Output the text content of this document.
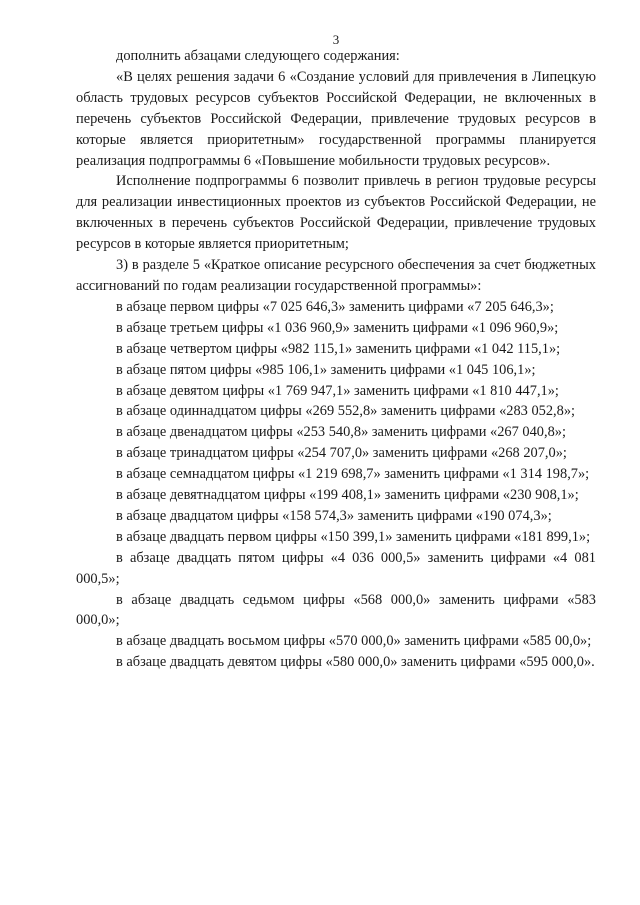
3

дополнить абзацами следующего содержания:

«В целях решения задачи 6 «Создание условий для привлечения в Липецкую область трудовых ресурсов субъектов Российской Федерации, не включенных в перечень субъектов Российской Федерации, привлечение трудовых ресурсов в которые является приоритетным» государственной программы планируется реализация подпрограммы 6 «Повышение мобильности трудовых ресурсов».

Исполнение подпрограммы 6 позволит привлечь в регион трудовые ресурсы для реализации инвестиционных проектов из субъектов Российской Федерации, не включенных в перечень субъектов Российской Федерации, привлечение трудовых ресурсов в которые является приоритетным;

3) в разделе 5 «Краткое описание ресурсного обеспечения за счет бюджетных ассигнований по годам реализации государственной программы»:

в абзаце первом цифры «7 025 646,3» заменить цифрами «7 205 646,3»;

в абзаце третьем цифры «1 036 960,9» заменить цифрами «1 096 960,9»;

в абзаце четвертом цифры «982 115,1» заменить цифрами «1 042 115,1»;

в абзаце пятом цифры «985 106,1» заменить цифрами «1 045 106,1»;

в абзаце девятом цифры «1 769 947,1» заменить цифрами «1 810 447,1»;

в абзаце одиннадцатом цифры «269 552,8» заменить цифрами «283 052,8»;

в абзаце двенадцатом цифры «253 540,8» заменить цифрами «267 040,8»;

в абзаце тринадцатом цифры «254 707,0» заменить цифрами «268 207,0»;

в абзаце семнадцатом цифры «1 219 698,7» заменить цифрами «1 314 198,7»;

в абзаце девятнадцатом цифры «199 408,1» заменить цифрами «230 908,1»;

в абзаце двадцатом цифры «158 574,3» заменить цифрами «190 074,3»;

в абзаце двадцать первом цифры «150 399,1» заменить цифрами «181 899,1»;

в абзаце двадцать пятом цифры «4 036 000,5» заменить цифрами «4 081 000,5»;

в абзаце двадцать седьмом цифры «568 000,0» заменить цифрами «583 000,0»;

в абзаце двадцать восьмом цифры «570 000,0» заменить цифрами «585 00,0»;

в абзаце двадцать девятом цифры «580 000,0» заменить цифрами «595 000,0».
